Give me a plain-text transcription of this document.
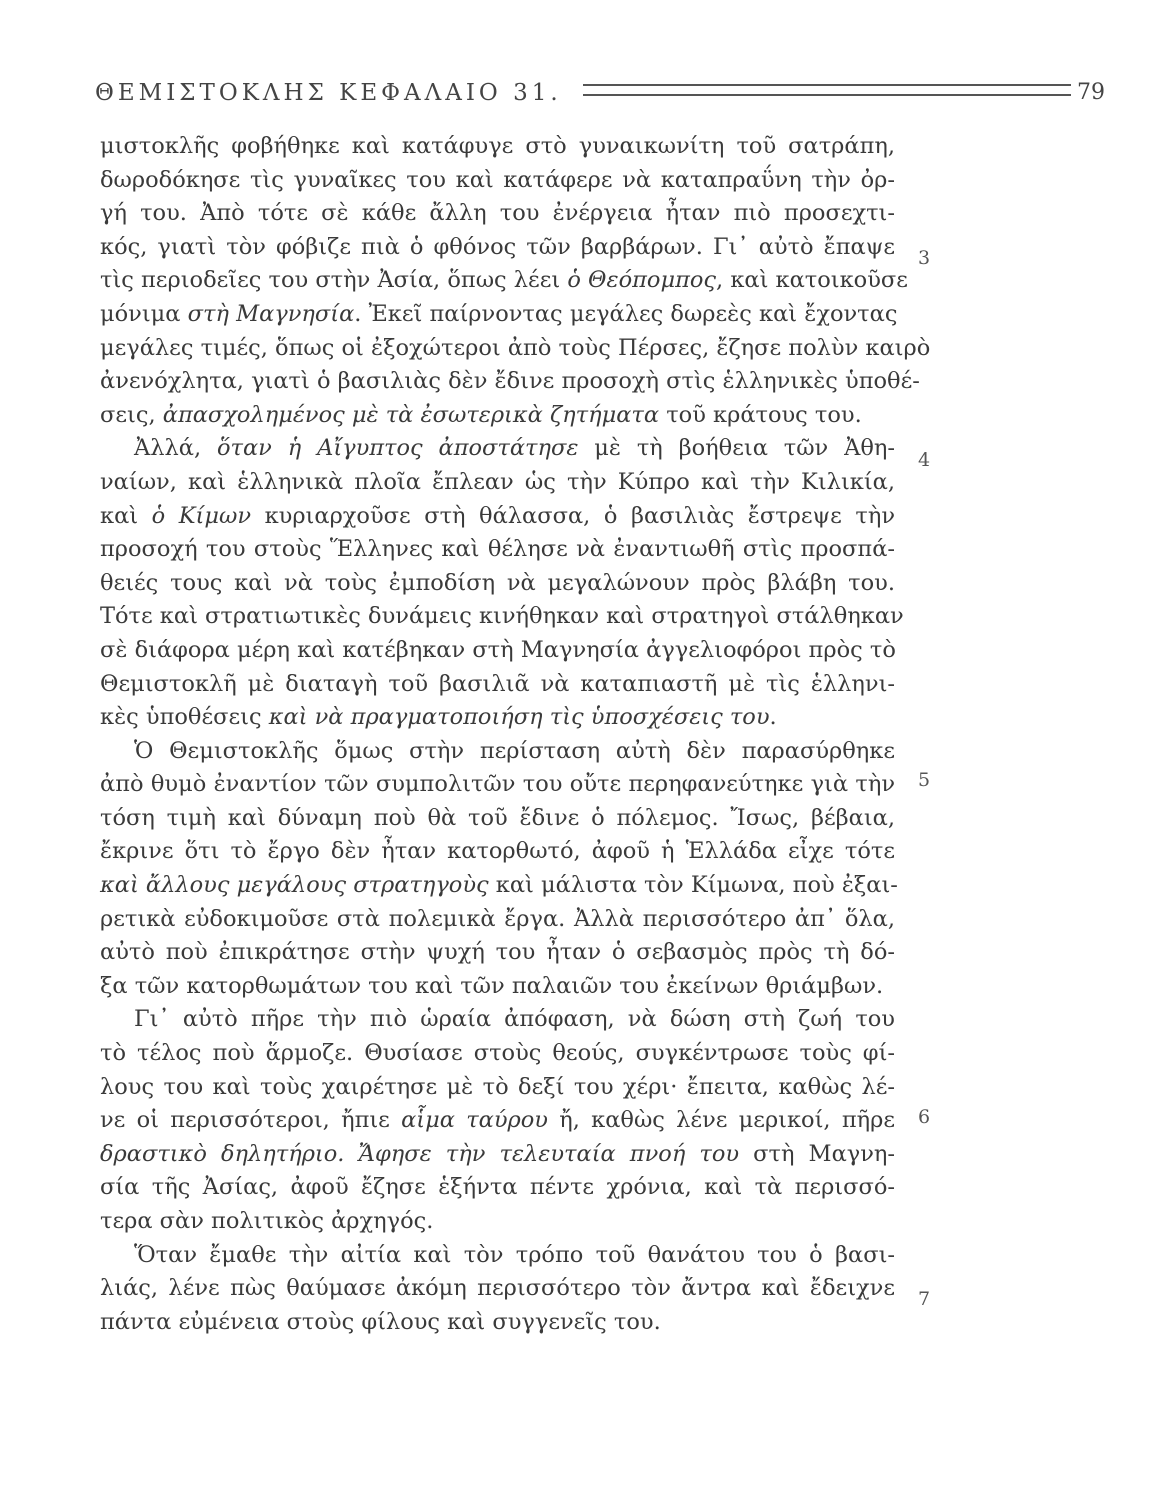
ΘΕΜΙΣΤΟΚΛΗΣ ΚΕΦΑΛΑΙΟ 31.	79
3
4
5
6
7
μιστοκλῆς φοβήθηκε καὶ κατάφυγε στὸ γυναικωνίτη τοῦ σατράπη,
δωροδόκησε τὶς γυναῖκες του καὶ κατάφερε νὰ καταπραΰνη τὴν ὀρ-
γή του. Ἀπὸ τότε σὲ κάθε ἄλλη του ἐνέργεια ἦταν πιὸ προσεχτι-
κός, γιατὶ τὸν φόβιζε πιὰ ὁ φθόνος τῶν βαρβάρων. Γι᾽ αὐτὸ ἔπαψε
τὶς περιοδεῖες του στὴν Ἀσία, ὅπως λέει ὁ Θεόπομπος, καὶ κατοικοῦσε
μόνιμα στὴ Μαγνησία. Ἐκεῖ παίρνοντας μεγάλες δωρεὲς καὶ ἔχοντας
μεγάλες τιμές, ὅπως οἱ ἐξοχώτεροι ἀπὸ τοὺς Πέρσες, ἔζησε πολὺν καιρὸ
ἀνενόχλητα, γιατὶ ὁ βασιλιὰς δὲν ἔδινε προσοχὴ στὶς ἑλληνικὲς ὑποθέ-
σεις, ἀπασχολημένος μὲ τὰ ἐσωτερικὰ ζητήματα τοῦ κράτους του.
Ἀλλά, ὅταν ἡ Αἴγυπτος ἀποστάτησε μὲ τὴ βοήθεια τῶν Ἀθη-
ναίων, καὶ ἑλληνικὰ πλοῖα ἔπλεαν ὡς τὴν Κύπρο καὶ τὴν Κιλικία,
καὶ ὁ Κίμων κυριαρχοῦσε στὴ θάλασσα, ὁ βασιλιὰς ἔστρεψε τὴν
προσοχή του στοὺς Ἕλληνες καὶ θέλησε νὰ ἐναντιωθῆ στὶς προσπά-
θειές τους καὶ νὰ τοὺς ἐμποδίση νὰ μεγαλώνουν πρὸς βλάβη του.
Τότε καὶ στρατιωτικὲς δυνάμεις κινήθηκαν καὶ στρατηγοὶ στάλθηκαν
σὲ διάφορα μέρη καὶ κατέβηκαν στὴ Μαγνησία ἀγγελιοφόροι πρὸς τὸ
Θεμιστοκλῆ μὲ διαταγὴ τοῦ βασιλιᾶ νὰ καταπιαστῆ μὲ τὶς ἑλληνι-
κὲς ὑποθέσεις καὶ νὰ πραγματοποιήση τὶς ὑποσχέσεις του.
Ὁ Θεμιστοκλῆς ὅμως στὴν περίσταση αὐτὴ δὲν παρασύρθηκε
ἀπὸ θυμὸ ἐναντίον τῶν συμπολιτῶν του οὔτε περηφανεύτηκε γιὰ τὴν
τόση τιμὴ καὶ δύναμη ποὺ θὰ τοῦ ἔδινε ὁ πόλεμος. Ἴσως, βέβαια,
ἔκρινε ὅτι τὸ ἔργο δὲν ἦταν κατορθωτό, ἀφοῦ ἡ Ἑλλάδα εἶχε τότε
καὶ ἄλλους μεγάλους στρατηγοὺς καὶ μάλιστα τὸν Κίμωνα, ποὺ ἐξαι-
ρετικὰ εὐδοκιμοῦσε στὰ πολεμικὰ ἔργα. Ἀλλὰ περισσότερο ἀπ᾽ ὅλα,
αὐτὸ ποὺ ἐπικράτησε στὴν ψυχή του ἦταν ὁ σεβασμὸς πρὸς τὴ δό-
ξα τῶν κατορθωμάτων του καὶ τῶν παλαιῶν του ἐκείνων θριάμβων.
Γι᾽ αὐτὸ πῆρε τὴν πιὸ ὡραία ἀπόφαση, νὰ δώση στὴ ζωή του
τὸ τέλος ποὺ ἅρμοζε. Θυσίασε στοὺς θεούς, συγκέντρωσε τοὺς φί-
λους του καὶ τοὺς χαιρέτησε μὲ τὸ δεξί του χέρι· ἔπειτα, καθὼς λέ-
νε οἱ περισσότεροι, ἤπιε αἷμα ταύρου ἤ, καθὼς λένε μερικοί, πῆρε
δραστικὸ δηλητήριο. Ἄφησε τὴν τελευταία πνοή του στὴ Μαγνη-
σία τῆς Ἀσίας, ἀφοῦ ἔζησε ἑξήντα πέντε χρόνια, καὶ τὰ περισσό-
τερα σὰν πολιτικὸς ἀρχηγός.
Ὅταν ἔμαθε τὴν αἰτία καὶ τὸν τρόπο τοῦ θανάτου του ὁ βασι-
λιάς, λένε πὼς θαύμασε ἀκόμη περισσότερο τὸν ἄντρα καὶ ἔδειχνε
πάντα εὐμένεια στοὺς φίλους καὶ συγγενεῖς του.
